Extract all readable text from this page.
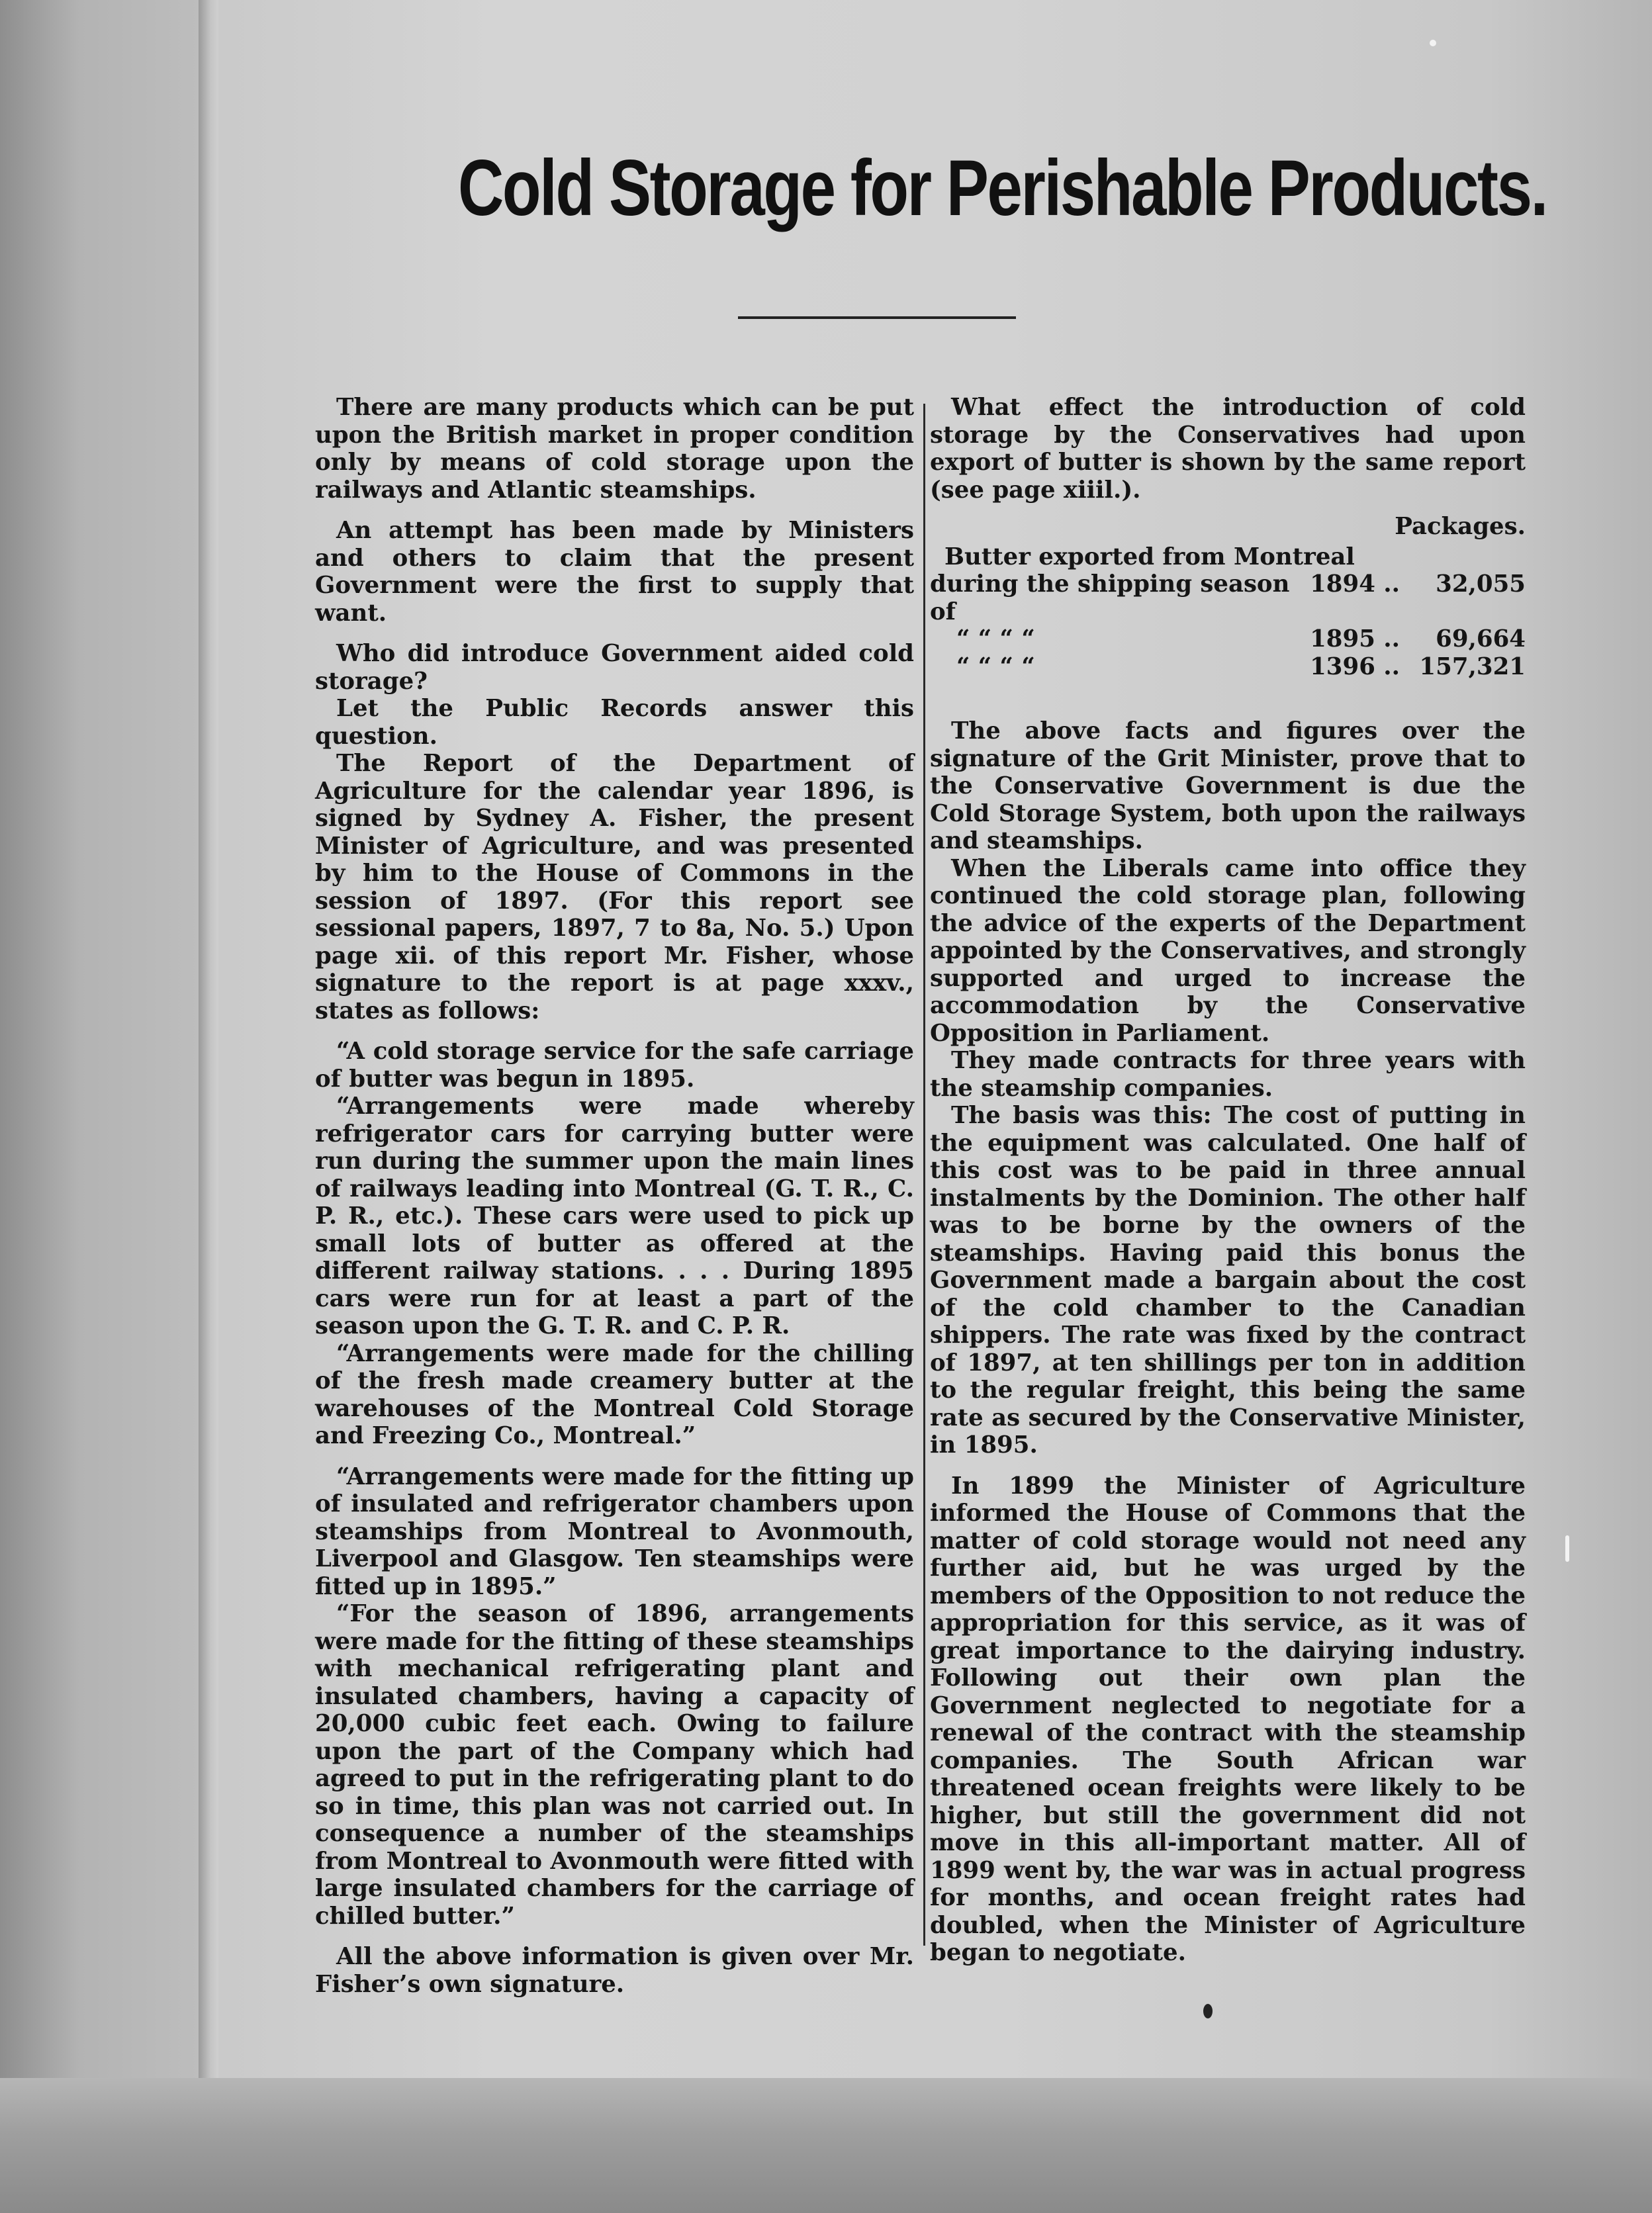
Cold Storage for Perishable Products.

There are many products which can be put upon the British market in proper condition only by means of cold storage upon the railways and Atlantic steamships.

An attempt has been made by Ministers and others to claim that the present Government were the first to supply that want.

Who did introduce Government aided cold storage?

Let the Public Records answer this question.

The Report of the Department of Agriculture for the calendar year 1896, is signed by Sydney A. Fisher, the present Minister of Agriculture, and was presented by him to the House of Commons in the session of 1897. (For this report see sessional papers, 1897, 7 to 8a, No. 5.) Upon page xii. of this report Mr. Fisher, whose signature to the report is at page xxxv., states as follows:

“A cold storage service for the safe carriage of butter was begun in 1895.

“Arrangements were made whereby refrigerator cars for carrying butter were run during the summer upon the main lines of railways leading into Montreal (G. T. R., C. P. R., etc.). These cars were used to pick up small lots of butter as offered at the different railway stations. . . . During 1895 cars were run for at least a part of the season upon the G. T. R. and C. P. R.

“Arrangements were made for the chilling of the fresh made creamery butter at the warehouses of the Montreal Cold Storage and Freezing Co., Montreal.”

“Arrangements were made for the fitting up of insulated and refrigerator chambers upon steamships from Montreal to Avonmouth, Liverpool and Glasgow. Ten steamships were fitted up in 1895.”

“For the season of 1896, arrangements were made for the fitting of these steamships with mechanical refrigerating plant and insulated chambers, having a capacity of 20,000 cubic feet each. Owing to failure upon the part of the Company which had agreed to put in the refrigerating plant to do so in time, this plan was not carried out. In consequence a number of the steamships from Montreal to Avonmouth were fitted with large insulated chambers for the carriage of chilled butter.”

All the above information is given over Mr. Fisher’s own signature.

What effect the introduction of cold storage by the Conservatives had upon export of butter is shown by the same report (see page xiiil.).

Packages.
Butter exported from Montreal		
during the shipping season of	1894 ..	32,055
“ “ “ “	1895 ..	69,664
“ “ “ “	1396 ..	157,321

The above facts and figures over the signature of the Grit Minister, prove that to the Conservative Government is due the Cold Storage System, both upon the railways and steamships.

When the Liberals came into office they continued the cold storage plan, following the advice of the experts of the Department appointed by the Conservatives, and strongly supported and urged to increase the accommodation by the Conservative Opposition in Parliament.

They made contracts for three years with the steamship companies.

The basis was this: The cost of putting in the equipment was calculated. One half of this cost was to be paid in three annual instalments by the Dominion. The other half was to be borne by the owners of the steamships. Having paid this bonus the Government made a bargain about the cost of the cold chamber to the Canadian shippers. The rate was fixed by the contract of 1897, at ten shillings per ton in addition to the regular freight, this being the same rate as secured by the Conservative Minister, in 1895.

In 1899 the Minister of Agriculture informed the House of Commons that the matter of cold storage would not need any further aid, but he was urged by the members of the Opposition to not reduce the appropriation for this service, as it was of great importance to the dairying industry. Following out their own plan the Government neglected to negotiate for a renewal of the contract with the steamship companies. The South African war threatened ocean freights were likely to be higher, but still the government did not move in this all-important matter. All of 1899 went by, the war was in actual progress for months, and ocean freight rates had doubled, when the Minister of Agriculture began to negotiate.
